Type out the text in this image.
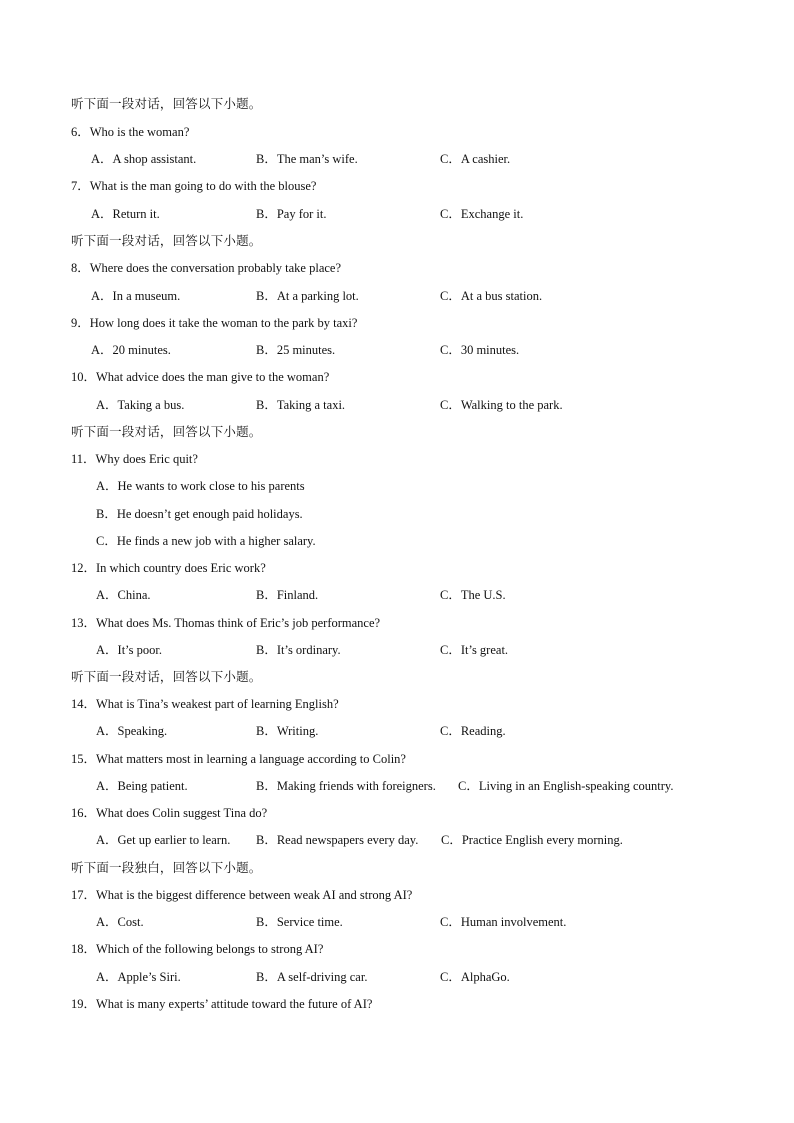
听下面一段对话，回答以下小题。
6．Who is the woman?
A．A shop assistant.	B．The man’s wife.	C．A cashier.
7．What is the man going to do with the blouse?
A．Return it.	B．Pay for it.	C．Exchange it.
听下面一段对话，回答以下小题。
8．Where does the conversation probably take place?
A．In a museum.	B．At a parking lot.	C．At a bus station.
9．How long does it take the woman to the park by taxi?
A．20 minutes.	B．25 minutes.	C．30 minutes.
10．What advice does the man give to the woman?
A．Taking a bus.	B．Taking a taxi.	C．Walking to the park.
听下面一段对话，回答以下小题。
11．Why does Eric quit?
A．He wants to work close to his parents
B．He doesn’t get enough paid holidays.
C．He finds a new job with a higher salary.
12．In which country does Eric work?
A．China.	B．Finland.	C．The U.S.
13．What does Ms. Thomas think of Eric’s job performance?
A．It’s poor.	B．It’s ordinary.	C．It’s great.
听下面一段对话，回答以下小题。
14．What is Tina’s weakest part of learning English?
A．Speaking.	B．Writing.	C．Reading.
15．What matters most in learning a language according to Colin?
A．Being patient.	B．Making friends with foreigners. C．Living in an English-speaking country.
16．What does Colin suggest Tina do?
A．Get up earlier to learn. B．Read newspapers every day. C．Practice English every morning.
听下面一段独白，回答以下小题。
17．What is the biggest difference between weak AI and strong AI?
A．Cost.	B．Service time.	C．Human involvement.
18．Which of the following belongs to strong AI?
A．Apple’s Siri.	B．A self-driving car.	C．AlphaGo.
19．What is many experts’ attitude toward the future of AI?
